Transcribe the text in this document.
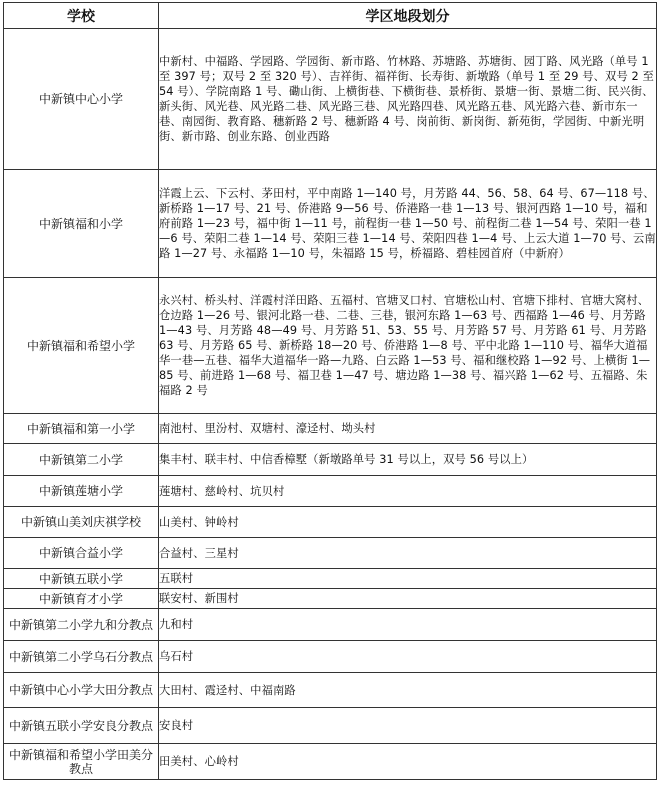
学校	学区地段划分
中新镇中心小学	中新村、中福路、学园路、学园街、新市路、竹林路、苏塘路、苏塘街、园丁路、风光路（单号 1 至 397 号；双号 2 至 320 号）、吉祥街、福祥街、长寿街、新墩路（单号 1 至 29 号、双号 2 至 54 号）、学院南路 1 号、磡山街、上横街巷、下横街巷、景桥街、景塘一街、景塘二街、民兴街、新头街、风光巷、风光路二巷、风光路三巷、风光路四巷、风光路五巷、风光路六巷、新市东一巷、南园街、教育路、穗新路 2 号、穗新路 4 号、岗前街、新岗街、新苑街，学园街、中新光明街、新市路、创业东路、创业西路
中新镇福和小学	洋霞上云、下云村、茅田村，平中南路 1—140 号，月芳路 44、56、58、64 号、67—118 号、新桥路 1—17 号、21 号、侨港路 9—56 号、侨港路一巷 1—13 号、银河西路 1—10 号，福和府前路 1—23 号，福中街 1—11 号，前程街一巷 1—50 号、前程街二巷 1—54 号、荣阳一巷 1—6 号、荣阳二巷 1—14 号、荣阳三巷 1—14 号、荣阳四巷 1—4 号、上云大道 1—70 号、云南路 1—27 号、永福路 1—10 号，朱福路 15 号，桥福路、碧桂园首府（中新府）
中新镇福和希望小学	永兴村、桥头村、洋霞村洋田路、五福村、官塘叉口村、官塘松山村、官塘下排村、官塘大窝村、仓边路 1—26 号、银河北路一巷、二巷、三巷，银河东路 1—63 号、西福路 1—46 号、月芳路 1—43 号、月芳路 48—49 号、月芳路 51、53、55 号、月芳路 57 号、月芳路 61 号、月芳路 63 号、月芳路 65 号、新桥路 18—20 号、侨港路 1—8 号、平中北路 1—110 号、福华大道福华一巷—五巷、福华大道福华一路—九路、白云路 1—53 号、福和继校路 1—92 号、上横街 1—85 号、前进路 1—68 号、福卫巷 1—47 号、塘边路 1—38 号、福兴路 1—62 号、五福路、朱福路 2 号
中新镇福和第一小学	南池村、里汾村、双塘村、濠迳村、坳头村
中新镇第二小学	集丰村、联丰村、中信香樟墅（新墩路单号 31 号以上，双号 56 号以上）
中新镇莲塘小学	莲塘村、慈岭村、坑贝村
中新镇山美刘庆祺学校	山美村、钟岭村
中新镇合益小学	合益村、三星村
中新镇五联小学	五联村
中新镇育才小学	联安村、新围村
中新镇第二小学九和分教点	九和村
中新镇第二小学乌石分教点	乌石村
中新镇中心小学大田分教点	大田村、霞迳村、中福南路
中新镇五联小学安良分教点	安良村
中新镇福和希望小学田美分教点	田美村、心岭村
